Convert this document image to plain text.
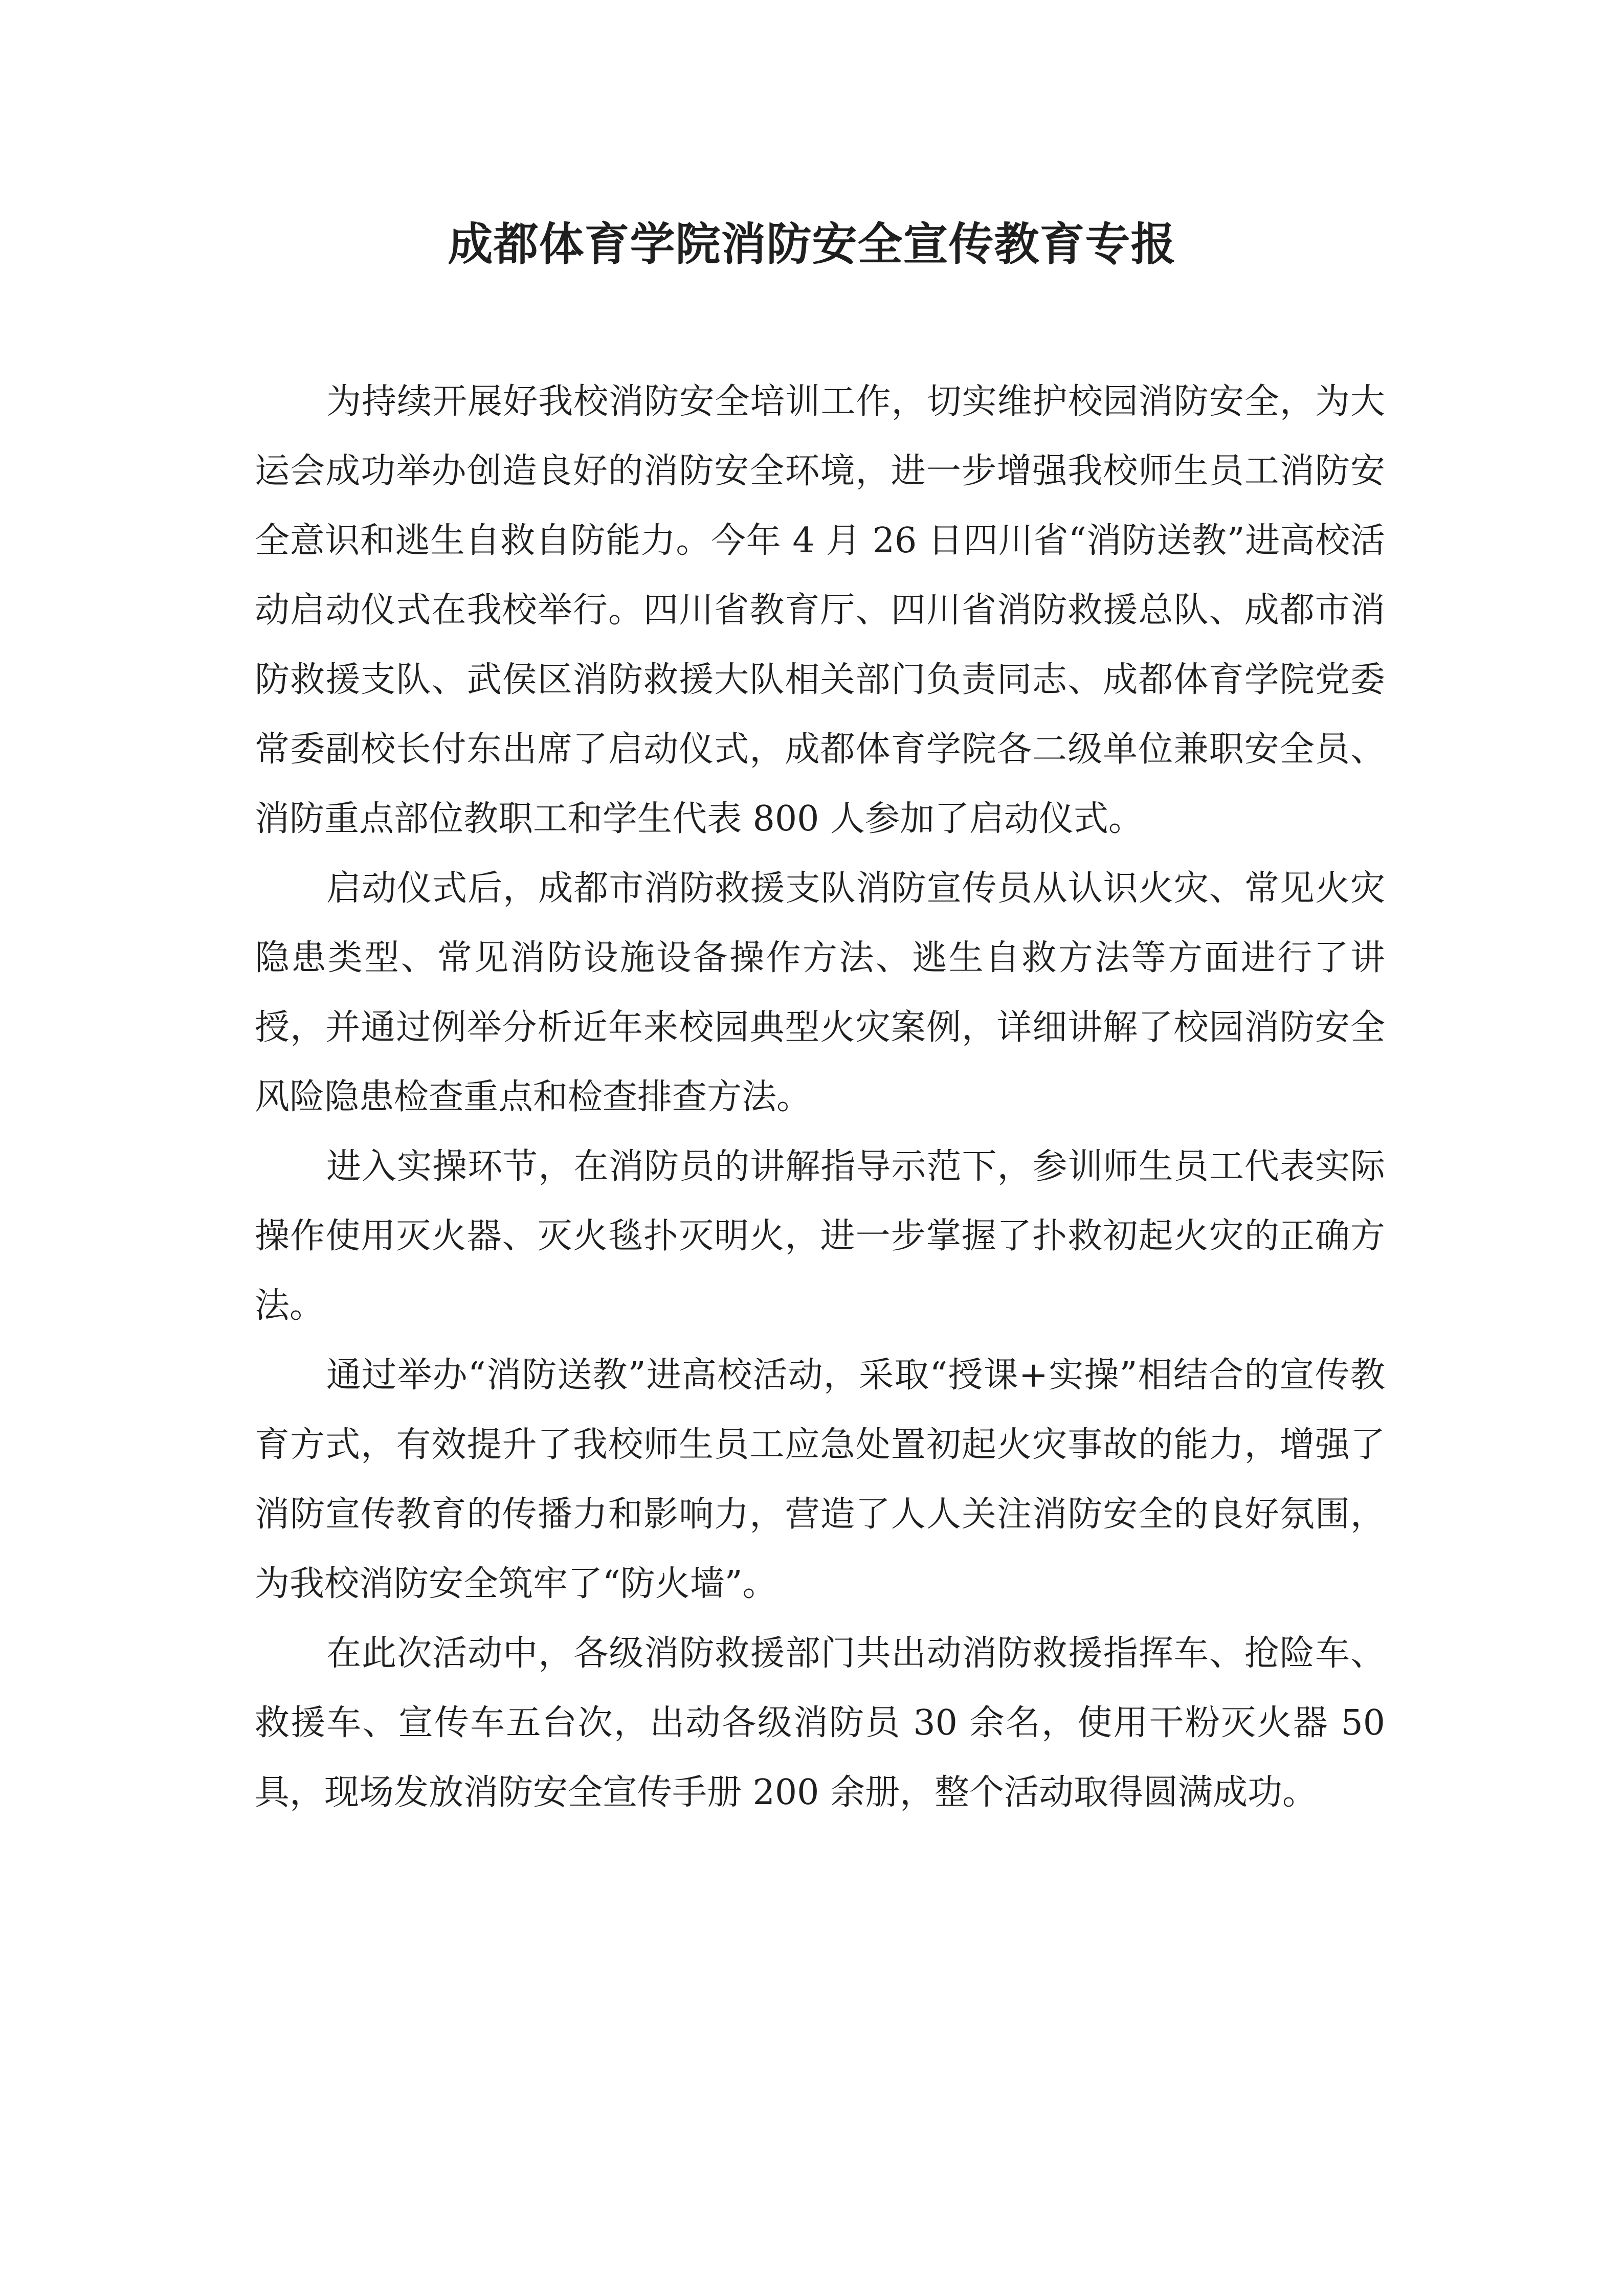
成都体育学院消防安全宣传教育专报

为持续开展好我校消防安全培训工作，切实维护校园消防安全，为大运会成功举办创造良好的消防安全环境，进一步增强我校师生员工消防安全意识和逃生自救自防能力。今年 4 月 26 日四川省“消防送教”进高校活动启动仪式在我校举行。四川省教育厅、四川省消防救援总队、成都市消防救援支队、武侯区消防救援大队相关部门负责同志、成都体育学院党委常委副校长付东出席了启动仪式，成都体育学院各二级单位兼职安全员、消防重点部位教职工和学生代表 800 人参加了启动仪式。

启动仪式后，成都市消防救援支队消防宣传员从认识火灾、常见火灾隐患类型、常见消防设施设备操作方法、逃生自救方法等方面进行了讲授，并通过例举分析近年来校园典型火灾案例，详细讲解了校园消防安全风险隐患检查重点和检查排查方法。

进入实操环节，在消防员的讲解指导示范下，参训师生员工代表实际操作使用灭火器、灭火毯扑灭明火，进一步掌握了扑救初起火灾的正确方法。

通过举办“消防送教”进高校活动，采取“授课+实操”相结合的宣传教育方式，有效提升了我校师生员工应急处置初起火灾事故的能力，增强了消防宣传教育的传播力和影响力，营造了人人关注消防安全的良好氛围，为我校消防安全筑牢了“防火墙”。

在此次活动中，各级消防救援部门共出动消防救援指挥车、抢险车、救援车、宣传车五台次，出动各级消防员 30 余名，使用干粉灭火器 50 具，现场发放消防安全宣传手册 200 余册，整个活动取得圆满成功。
